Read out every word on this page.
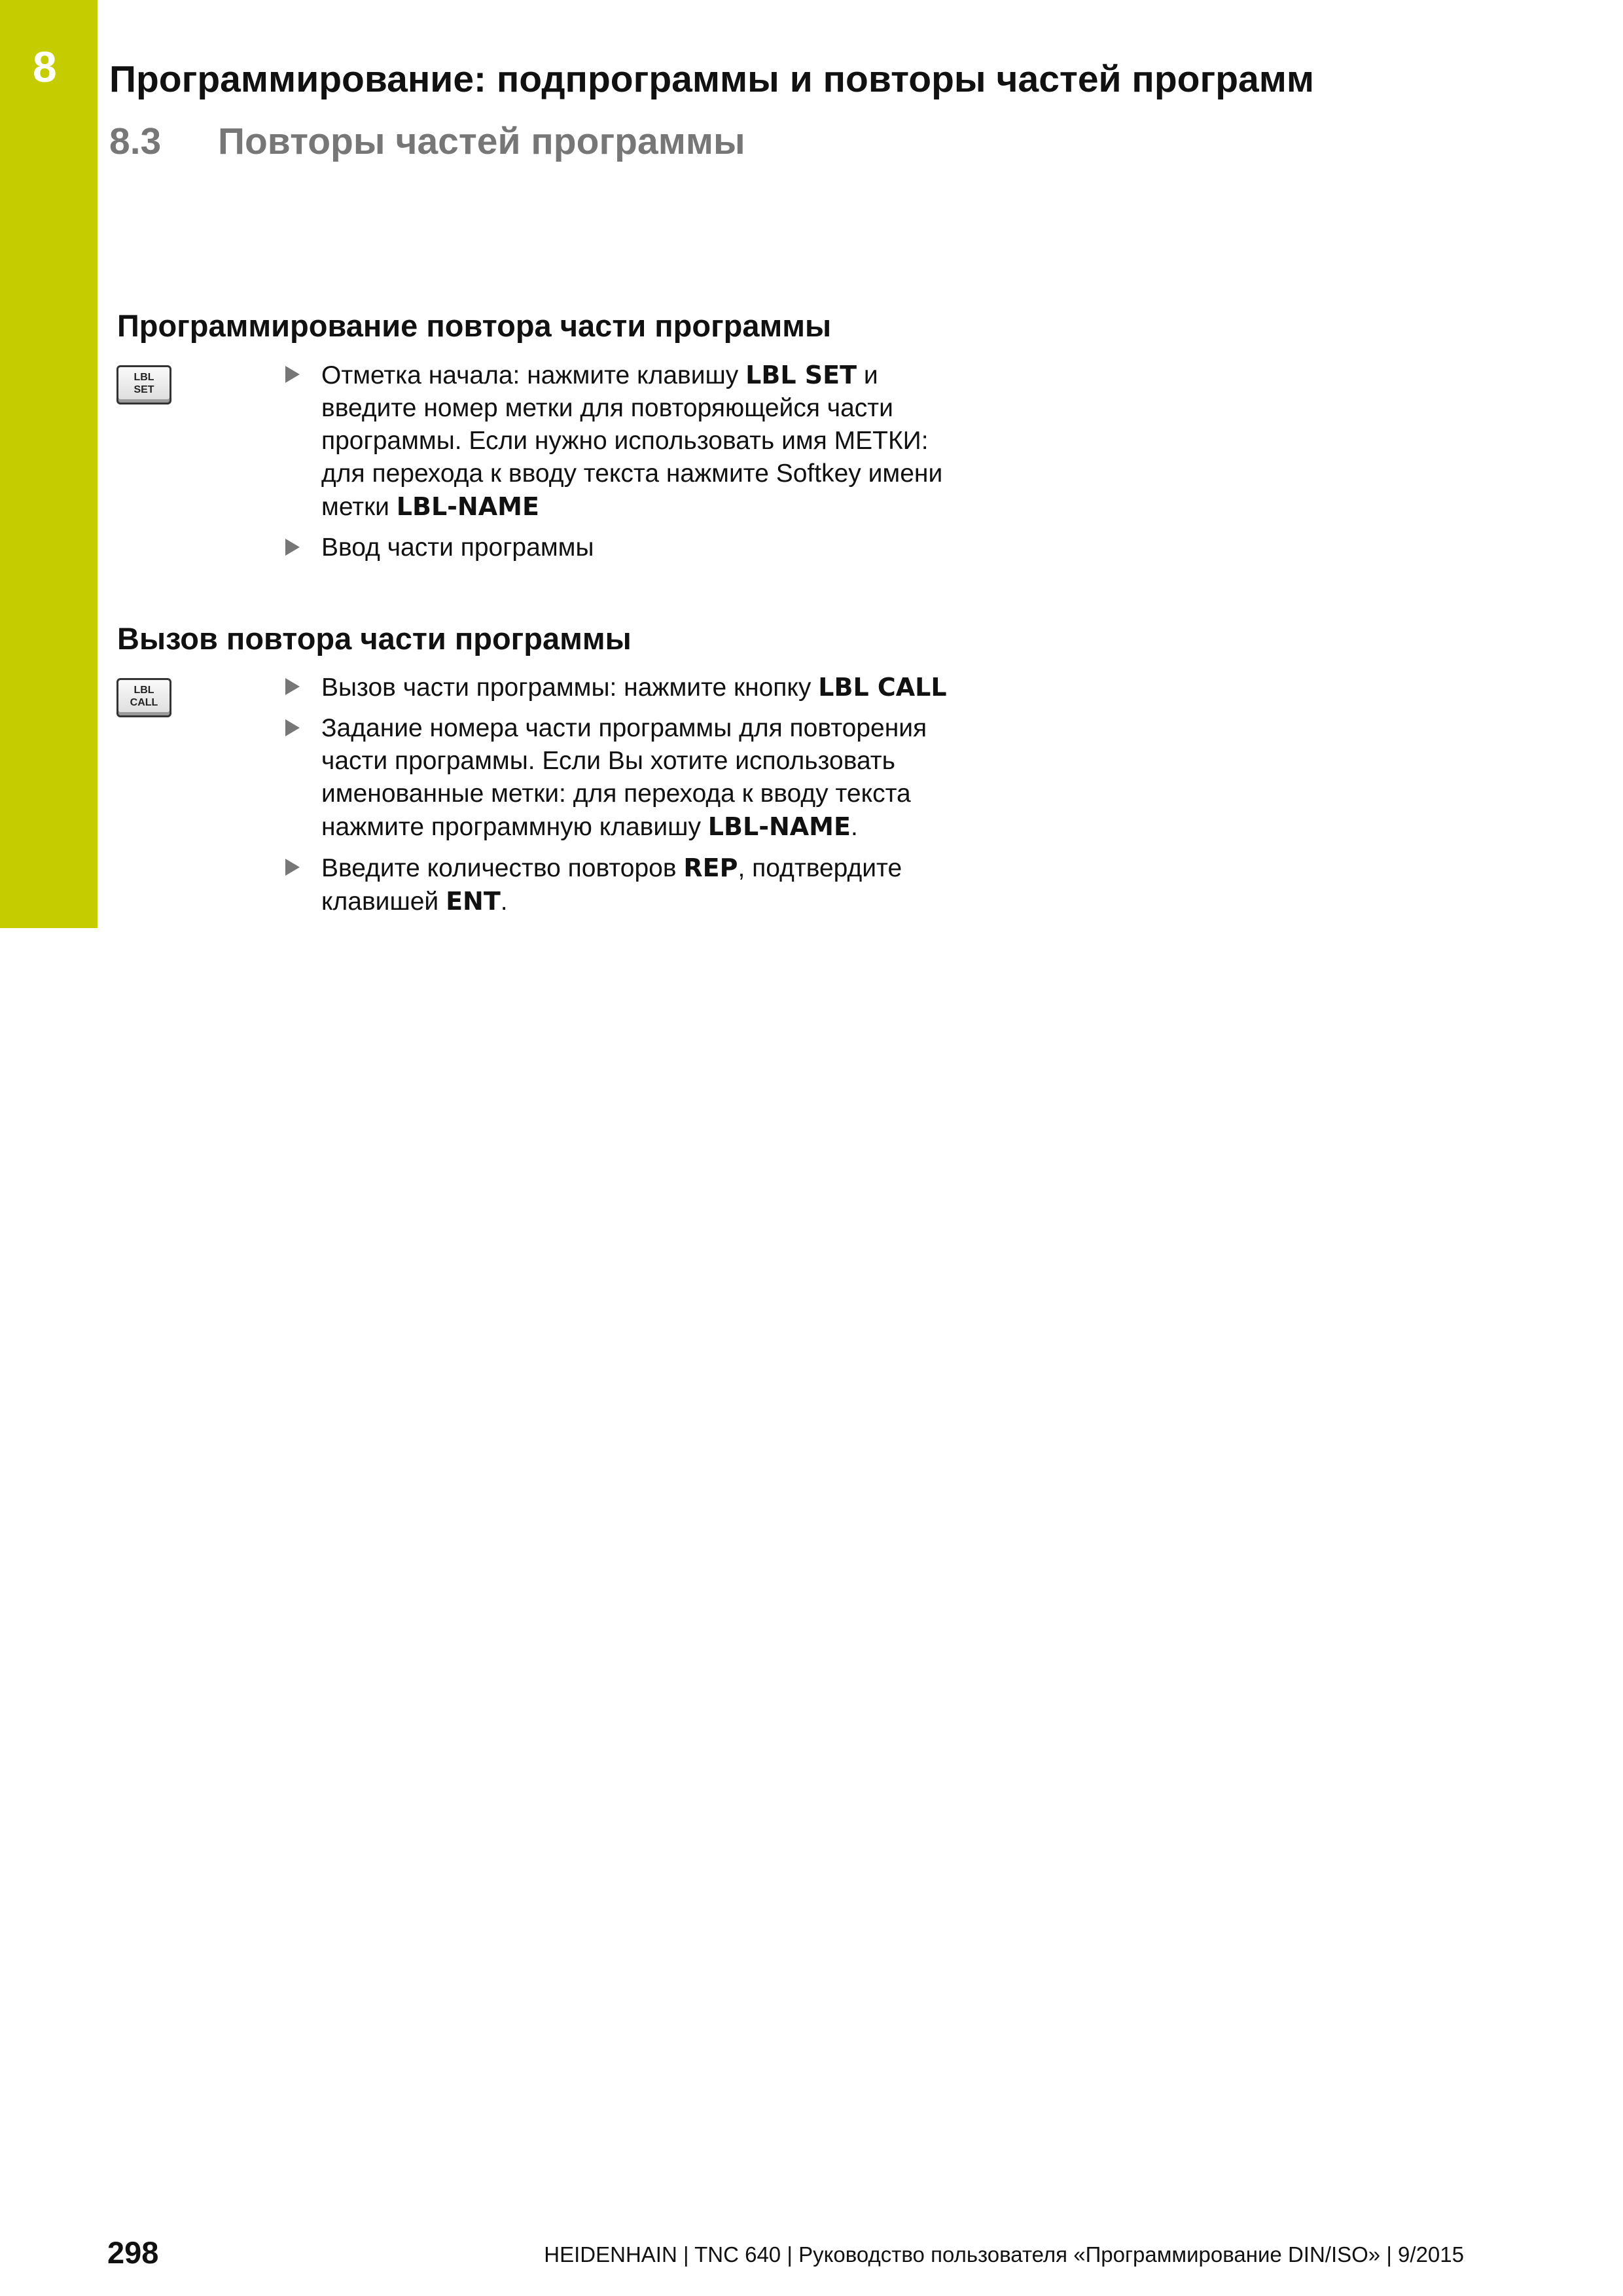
8 Программирование: подпрограммы и повторы частей программ
8.3 Повторы частей программы
Программирование повтора части программы
LBL
SET
Отметка начала: нажмите клавишу LBL SET и введите номер метки для повторяющейся части программы. Если нужно использовать имя МЕТКИ: для перехода к вводу текста нажмите Softkey имени метки LBL-NAME
Ввод части программы
Вызов повтора части программы
LBL
CALL
Вызов части программы: нажмите кнопку LBL CALL
Задание номера части программы для повторения части программы. Если Вы хотите использовать именованные метки: для перехода к вводу текста нажмите программную клавишу LBL-NAME.
Введите количество повторов REP, подтвердите клавишей ENT.
298	HEIDENHAIN | TNC 640 | Руководство пользователя «Программирование DIN/ISO» | 9/2015
